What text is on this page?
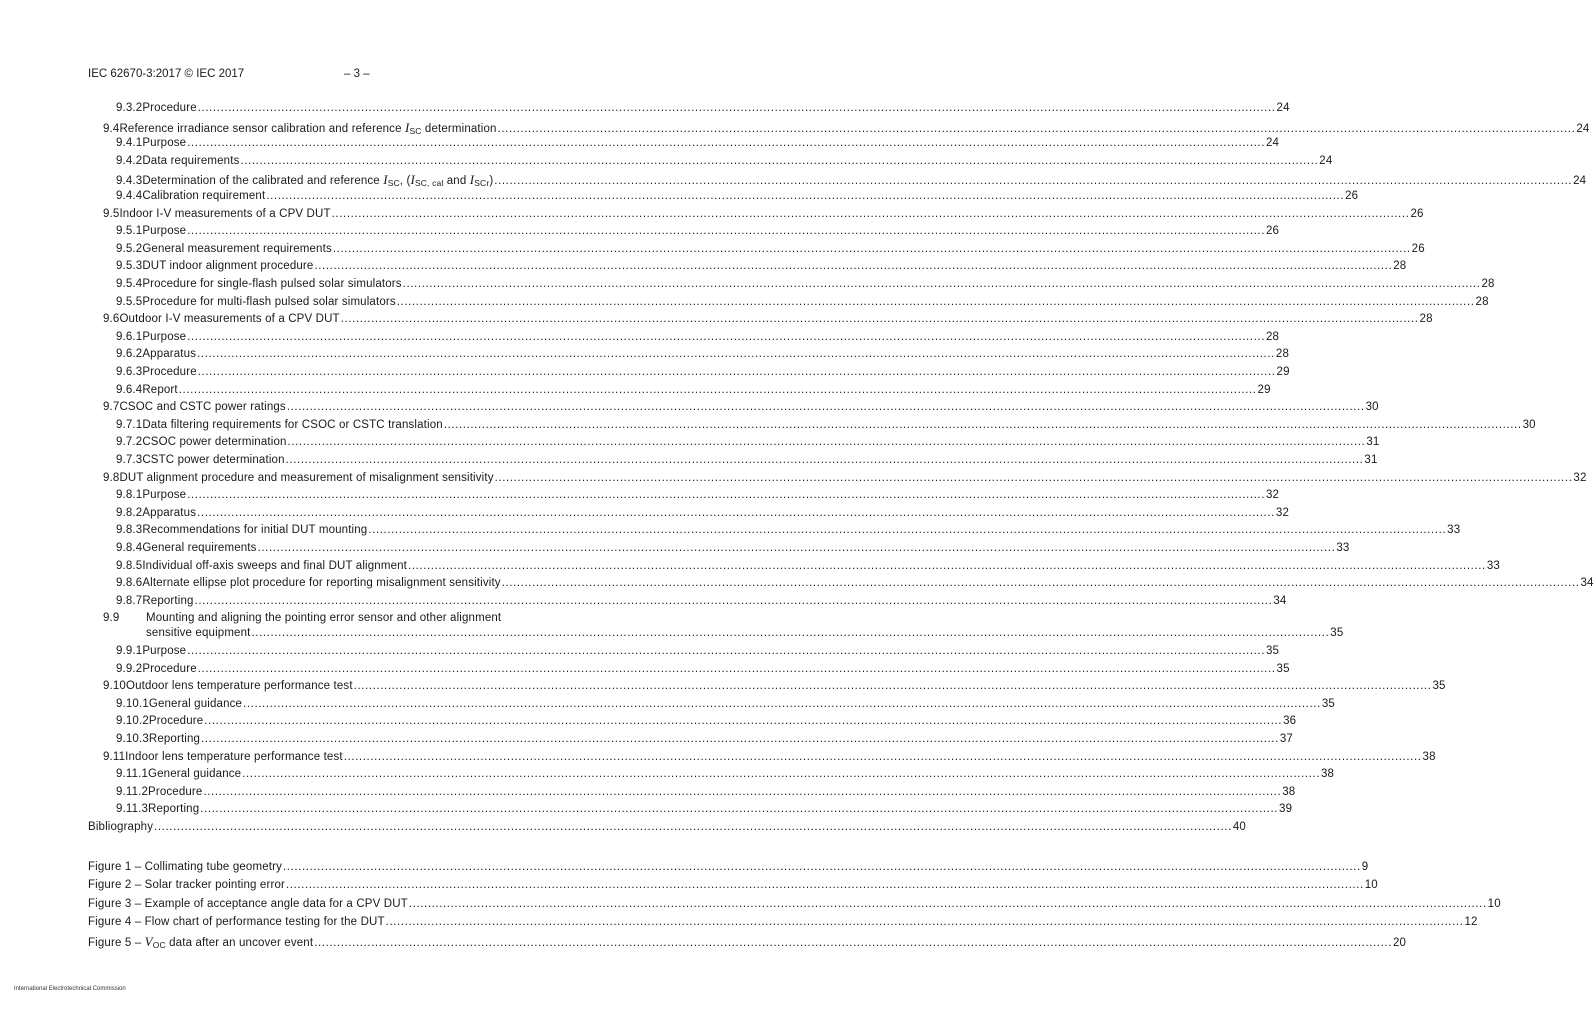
IEC 62670-3:2017 © IEC 2017	– 3 –
9.3.2 Procedure .....	24
9.4 Reference irradiance sensor calibration and reference $I_{SC}$ determination .....	24
9.4.1 Purpose .....	24
9.4.2 Data requirements .....	24
9.4.3 Determination of the calibrated and reference $I_{SC}$, ($I_{SC, cal}$ and $I_{SCr}$) .....	24
9.4.4 Calibration requirement .....	26
9.5 Indoor I-V measurements of a CPV DUT .....	26
9.5.1 Purpose .....	26
9.5.2 General measurement requirements .....	26
9.5.3 DUT indoor alignment procedure .....	28
9.5.4 Procedure for single-flash pulsed solar simulators .....	28
9.5.5 Procedure for multi-flash pulsed solar simulators .....	28
9.6 Outdoor I-V measurements of a CPV DUT .....	28
9.6.1 Purpose .....	28
9.6.2 Apparatus .....	28
9.6.3 Procedure .....	29
9.6.4 Report .....	29
9.7 CSOC and CSTC power ratings .....	30
9.7.1 Data filtering requirements for CSOC or CSTC translation .....	30
9.7.2 CSOC power determination .....	31
9.7.3 CSTC power determination .....	31
9.8 DUT alignment procedure and measurement of misalignment sensitivity .....	32
9.8.1 Purpose .....	32
9.8.2 Apparatus .....	32
9.8.3 Recommendations for initial DUT mounting .....	33
9.8.4 General requirements .....	33
9.8.5 Individual off-axis sweeps and final DUT alignment .....	33
9.8.6 Alternate ellipse plot procedure for reporting misalignment sensitivity .....	34
9.8.7 Reporting .....	34
9.9	Mounting and aligning the pointing error sensor and other alignment
sensitive equipment .....	35
9.9.1 Purpose .....	35
9.9.2 Procedure .....	35
9.10 Outdoor lens temperature performance test .....	35
9.10.1 General guidance .....	35
9.10.2 Procedure .....	36
9.10.3 Reporting .....	37
9.11 Indoor lens temperature performance test .....	38
9.11.1 General guidance .....	38
9.11.2 Procedure .....	38
9.11.3 Reporting .....	39
Bibliography .....	40
Figure 1 – Collimating tube geometry .....	9
Figure 2 – Solar tracker pointing error .....	10
Figure 3 – Example of acceptance angle data for a CPV DUT .....	10
Figure 4 – Flow chart of performance testing for the DUT .....	12
Figure $5 - V_{OC}$ data after an uncover event .....	20
International Electrotechnical Commission
